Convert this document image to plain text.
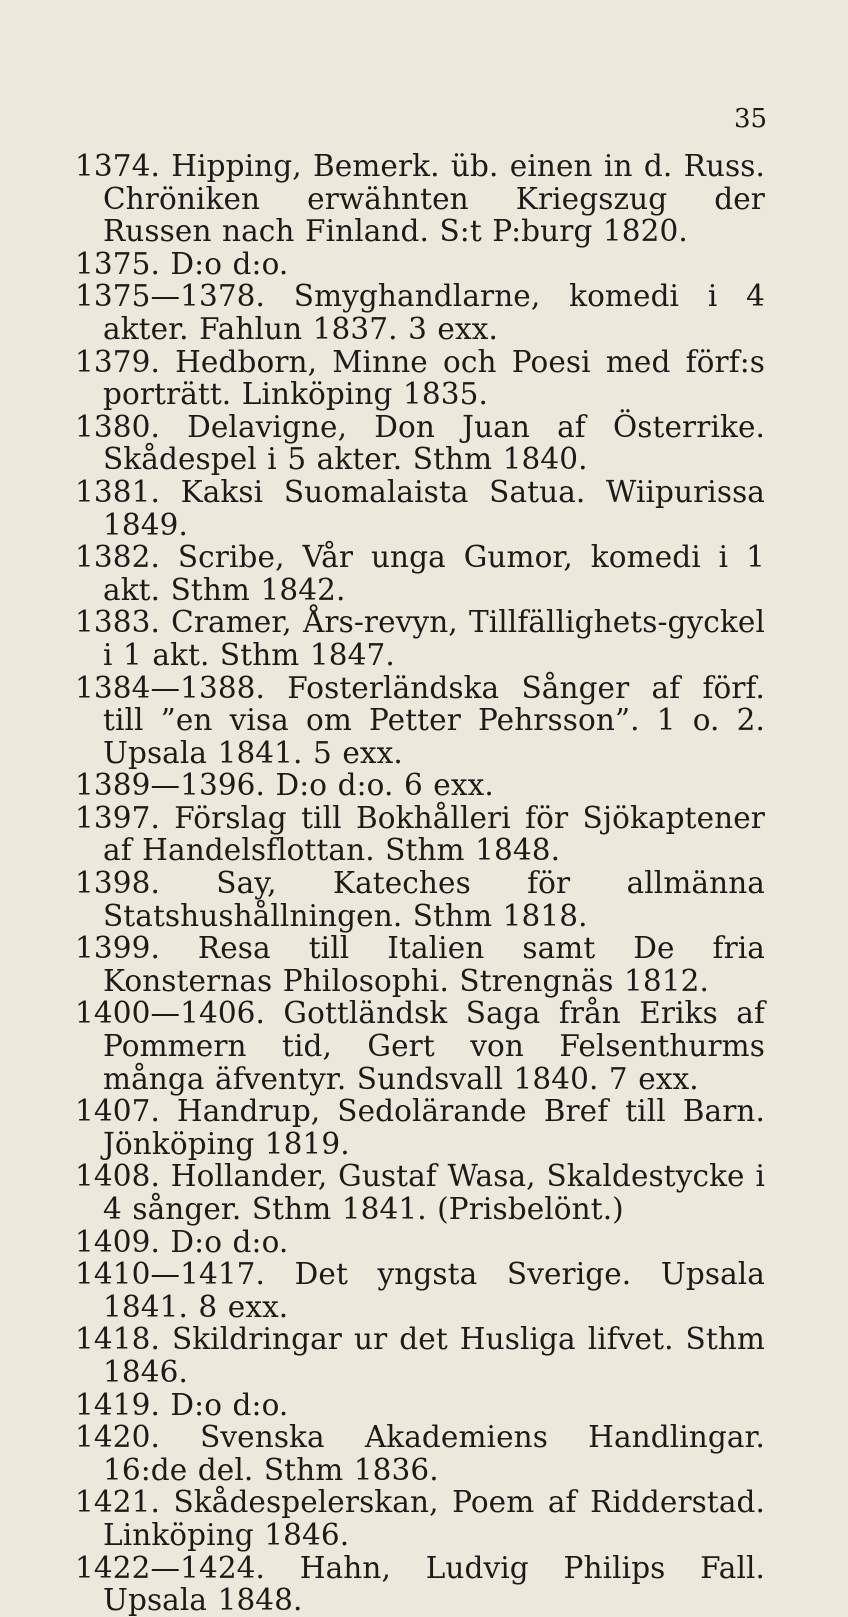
35

1374. Hipping, Bemerk. üb. einen in d. Russ. Chröniken erwähnten Kriegszug der Russen nach Finland. S:t P:burg 1820.

1375. D:o d:o.

1375—1378. Smyghandlarne, komedi i 4 akter. Fahlun 1837. 3 exx.

1379. Hedborn, Minne och Poesi med förf:s porträtt. Linköping 1835.

1380. Delavigne, Don Juan af Österrike. Skådespel i 5 akter. Sthm 1840.

1381. Kaksi Suomalaista Satua. Wiipurissa 1849.

1382. Scribe, Vår unga Gumor, komedi i 1 akt. Sthm 1842.

1383. Cramer, Års-revyn, Tillfällighets-gyckel i 1 akt. Sthm 1847.

1384—1388. Fosterländska Sånger af förf. till ”en visa om Petter Pehrsson”. 1 o. 2. Upsala 1841. 5 exx.

1389—1396. D:o d:o. 6 exx.

1397. Förslag till Bokhålleri för Sjökaptener af Handelsflottan. Sthm 1848.

1398. Say, Kateches för allmänna Statshushållningen. Sthm 1818.

1399. Resa till Italien samt De fria Konsternas Philosophi. Strengnäs 1812.

1400—1406. Gottländsk Saga från Eriks af Pommern tid, Gert von Felsenthurms många äfventyr. Sundsvall 1840. 7 exx.

1407. Handrup, Sedolärande Bref till Barn. Jönköping 1819.

1408. Hollander, Gustaf Wasa, Skaldestycke i 4 sånger. Sthm 1841. (Prisbelönt.)

1409. D:o d:o.

1410—1417. Det yngsta Sverige. Upsala 1841. 8 exx.

1418. Skildringar ur det Husliga lifvet. Sthm 1846.

1419. D:o d:o.

1420. Svenska Akademiens Handlingar. 16:de del. Sthm 1836.

1421. Skådespelerskan, Poem af Ridderstad. Linköping 1846.

1422—1424. Hahn, Ludvig Philips Fall. Upsala 1848.
